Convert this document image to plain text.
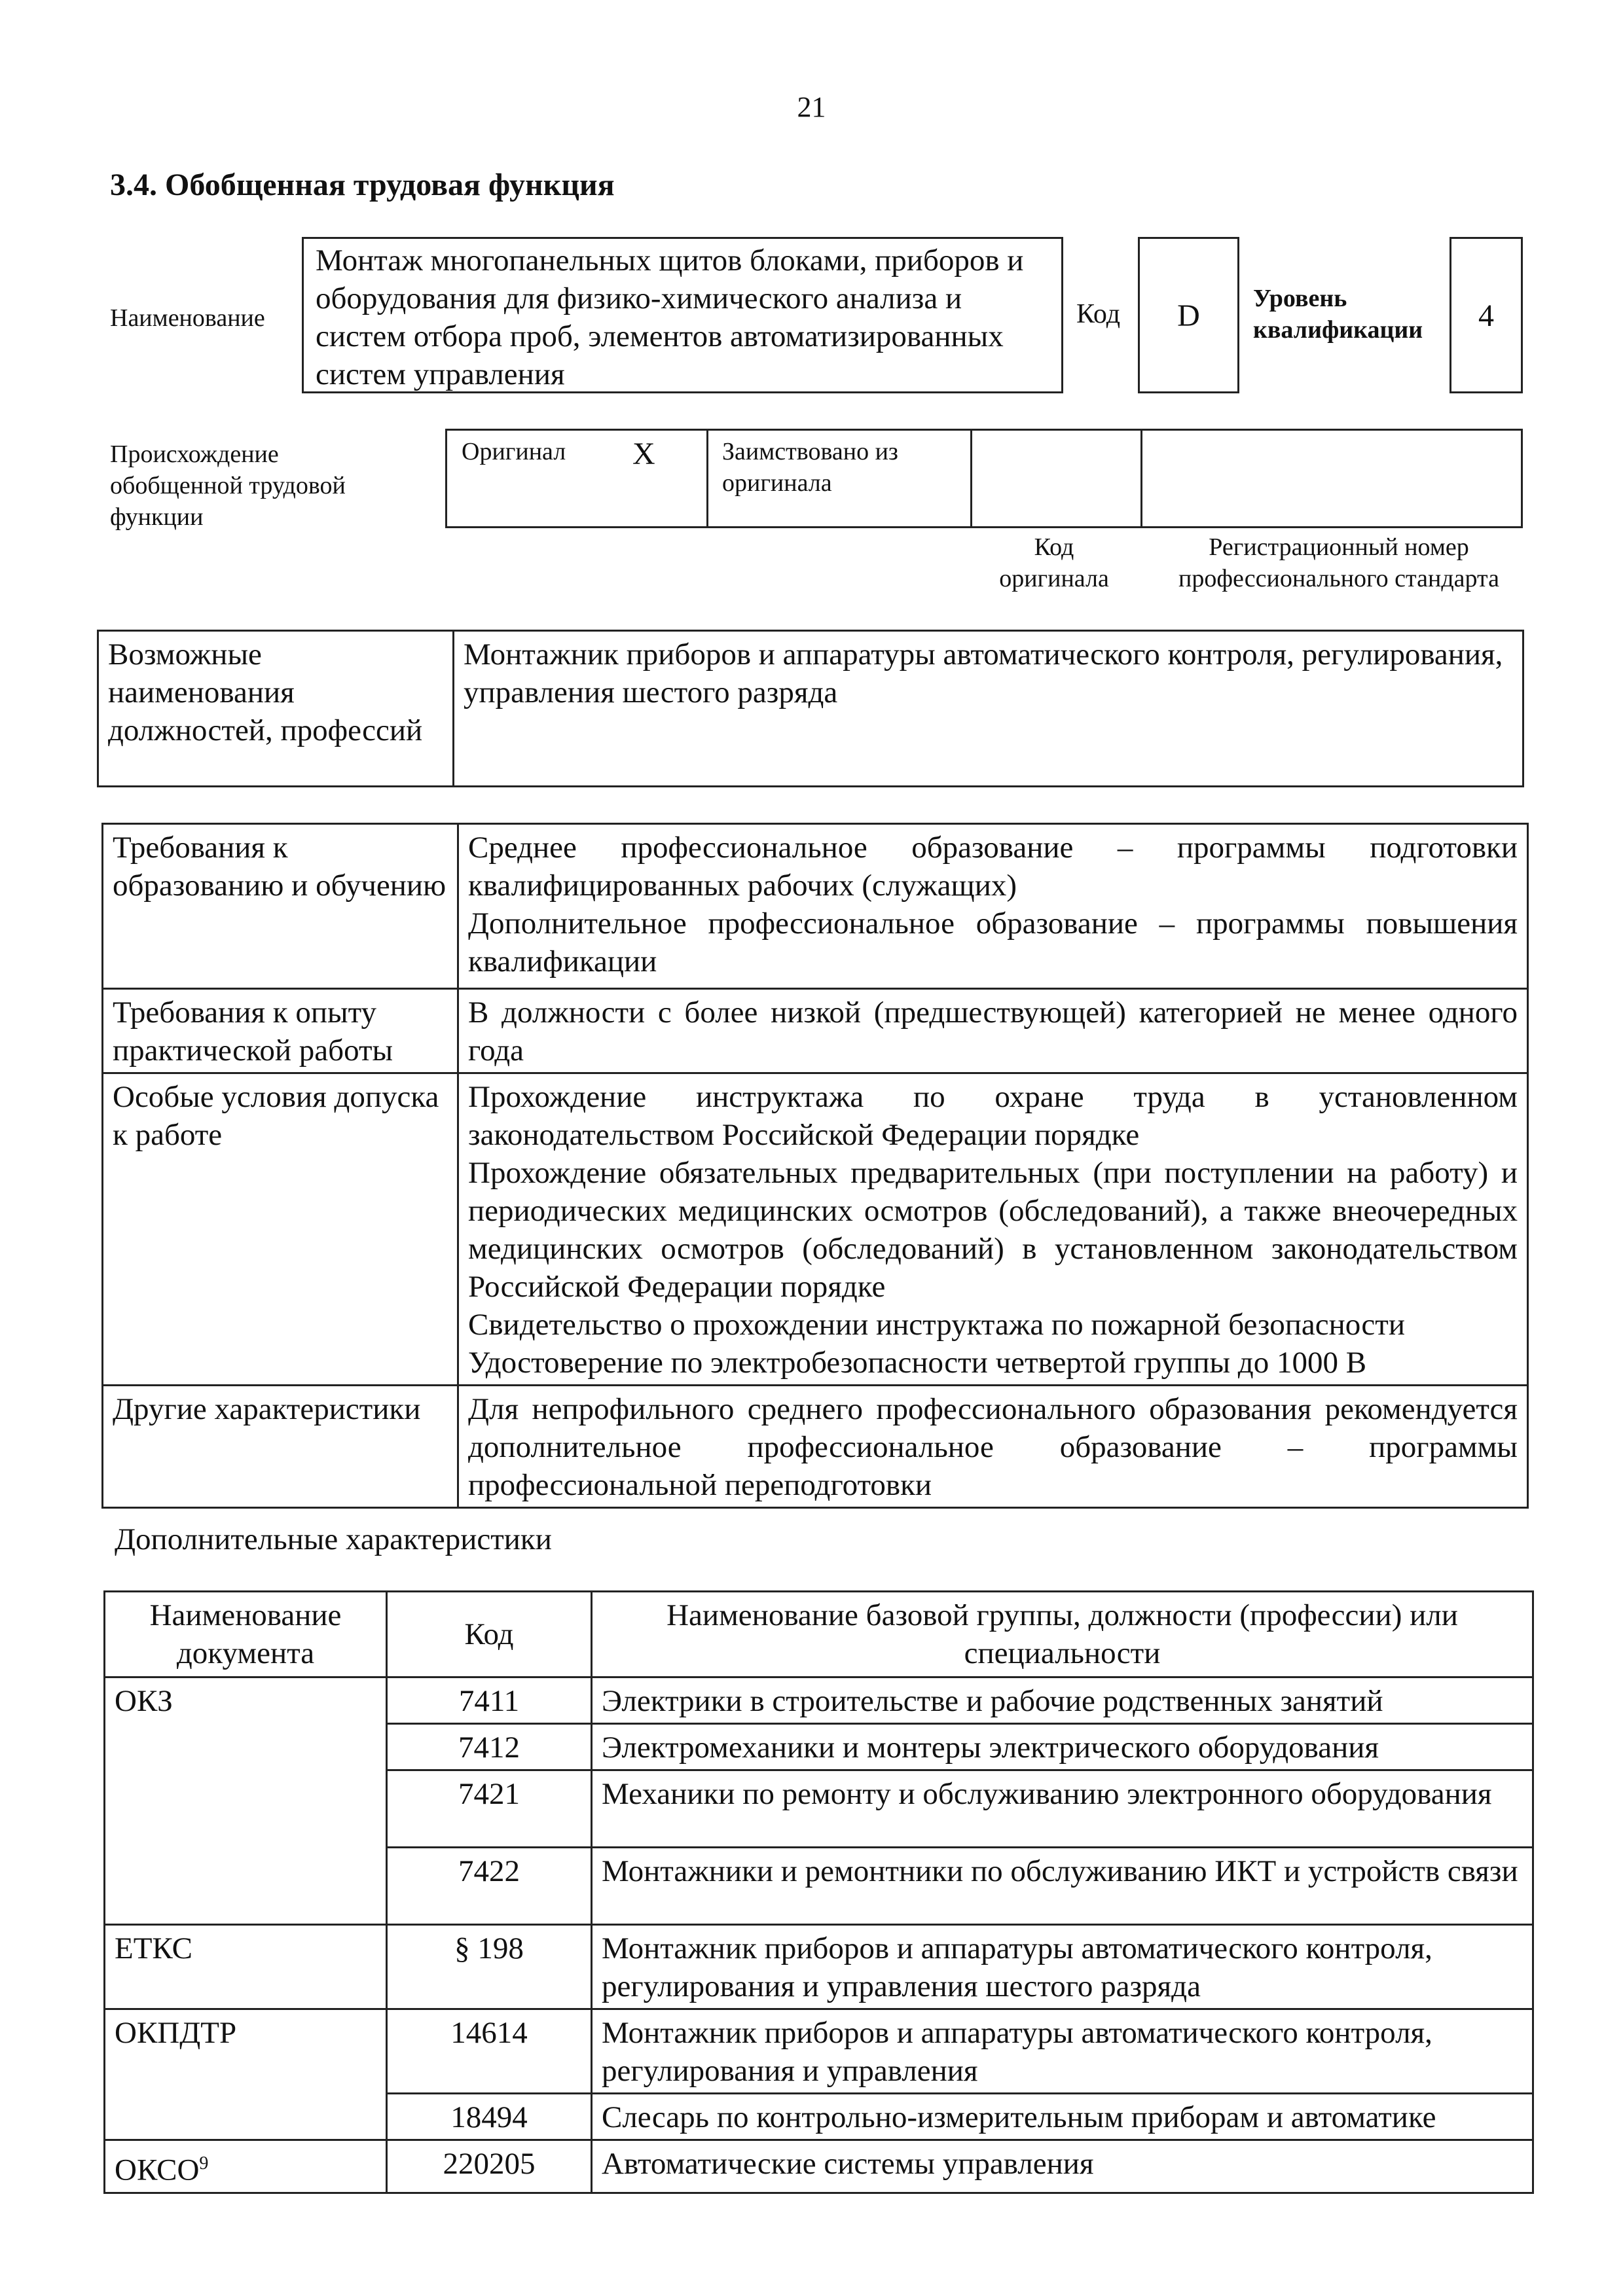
21
3.4. Обобщенная трудовая функция
Наименование
Монтаж многопанельных щитов блоками, приборов и оборудования для физико-химического анализа и систем отбора проб, элементов автоматизированных систем управления
Код	D	Уровень квалификации	4
Происхождение обобщенной трудовой функции
Оригинал X	Заимствовано из оригинала
Код оригинала
Регистрационный номер профессионального стандарта
Возможные наименования должностей, профессий	Монтажник приборов и аппаратуры автоматического контроля, регулирования, управления шестого разряда
Требования к образованию и обучению	Среднее профессиональное образование – программы подготовки квалифицированных рабочих (служащих)
Дополнительное профессиональное образование – программы повышения квалификации

Требования к опыту практической работы	В должности с более низкой (предшествующей) категорией не менее одного года

Особые условия допуска к работе	Прохождение инструктажа по охране труда в установленном законодательством Российской Федерации порядке
Прохождение обязательных предварительных (при поступлении на работу) и периодических медицинских осмотров (обследований), а также внеочередных медицинских осмотров (обследований) в установленном законодательством Российской Федерации порядке
Свидетельство о прохождении инструктажа по пожарной безопасности
Удостоверение по электробезопасности четвертой группы до 1000 В

Другие характеристики	Для непрофильного среднего профессионального образования рекомендуется дополнительное профессиональное образование – программы профессиональной переподготовки
Дополнительные характеристики
Наименование документа	Код	Наименование базовой группы, должности (профессии) или специальности
ОКЗ	7411	Электрики в строительстве и рабочие родственных занятий
	7412	Электромеханики и монтеры электрического оборудования
	7421	Механики по ремонту и обслуживанию электронного оборудования
	7422	Монтажники и ремонтники по обслуживанию ИКТ и устройств связи
ЕТКС	§ 198	Монтажник приборов и аппаратуры автоматического контроля, регулирования и управления шестого разряда
ОКПДТР	14614	Монтажник приборов и аппаратуры автоматического контроля, регулирования и управления
	18494	Слесарь по контрольно-измерительным приборам и автоматике
ОКСО$^9$	220205	Автоматические системы управления
